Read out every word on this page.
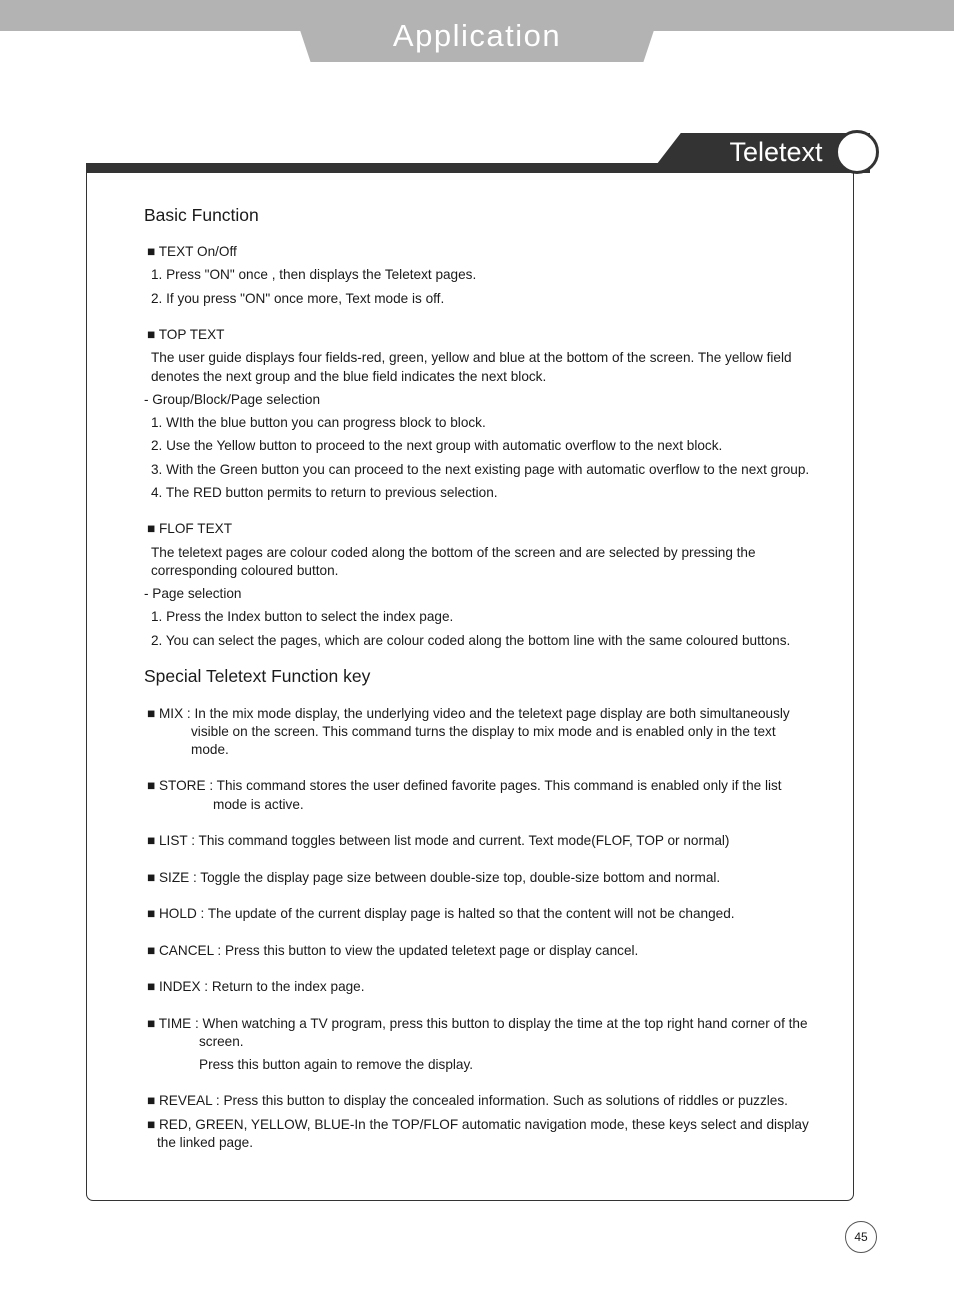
Application
Teletext
Basic Function
■ TEXT On/Off
1. Press "ON" once , then displays the Teletext pages.
2. If you press "ON" once more, Text mode is off.
■ TOP TEXT
The user guide displays four fields-red, green, yellow and blue at the bottom of the screen. The yellow field
denotes the next group and the blue field indicates the next block.
- Group/Block/Page selection
1. WIth the blue button you can progress block to block.
2. Use the Yellow button to proceed to the next group with automatic overflow to the next block.
3. With the Green button you can proceed to the next existing page with automatic overflow to the next group.
4. The RED button permits to return to previous selection.
■ FLOF TEXT
The teletext pages are colour coded along the bottom of the screen and are selected by pressing the
corresponding coloured button.
- Page selection
1. Press the Index button to select the index page.
2. You can select the pages, which are colour coded along the bottom line with the same coloured buttons.
Special Teletext Function key
■ MIX : In the mix mode display, the underlying video and the teletext page display are both simultaneously
visible on the screen. This command turns the display to mix mode and is enabled only in the text
mode.
■ STORE : This command stores the user defined favorite pages. This command is enabled only if the list
mode is active.
■ LIST : This command toggles between list mode and current. Text mode(FLOF, TOP or normal)
■ SIZE : Toggle the display page size between double-size top, double-size bottom and normal.
■ HOLD : The update of the current display page is halted so that the content will not be changed.
■ CANCEL : Press this button to view the updated teletext page or display cancel.
■ INDEX : Return to the index page.
■ TIME : When watching a TV program, press this button to display the time at the top right hand corner of the
screen.
Press this button again to remove the display.
■ REVEAL : Press this button to display the concealed information. Such as solutions of riddles or puzzles.
■ RED, GREEN, YELLOW, BLUE-In the TOP/FLOF automatic navigation mode, these keys select and display
the linked page.
45
